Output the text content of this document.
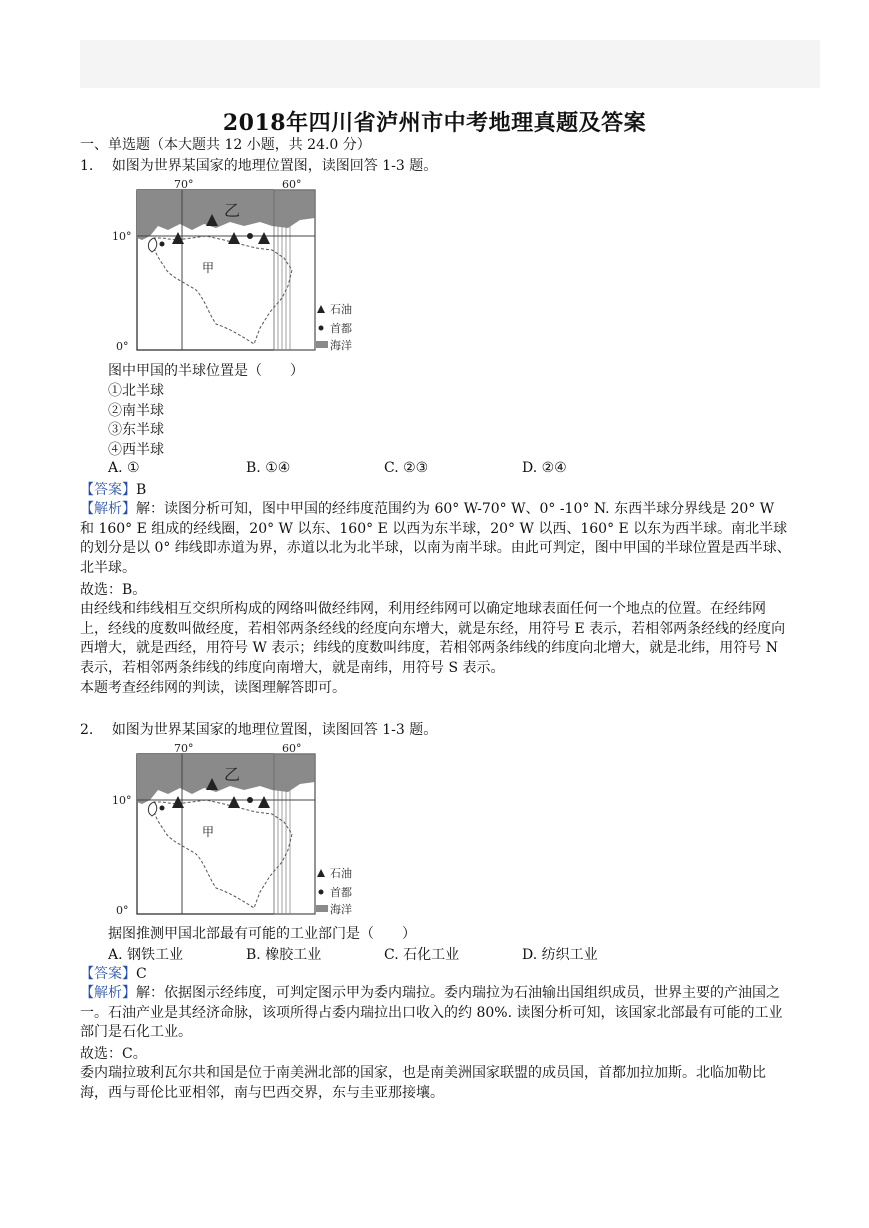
2018年四川省泸州市中考地理真题及答案
一、单选题（本大题共 12 小题，共 24.0 分）
1. 如图为世界某国家的地理位置图，读图回答 1-3 题。
70°	60°
10°
0°
乙
甲
石油
首都
海洋
图中甲国的半球位置是（　　）
①北半球
②南半球
③东半球
④西半球
A. ①	B. ①④	C. ②③	D. ②④
【答案】B
【解析】解：读图分析可知，图中甲国的经纬度范围约为 60° W-70° W、0° -10° N. 东西半球分界线是 20° W 和 160° E 组成的经线圈，20° W 以东、160° E 以西为东半球，20° W 以西、160° E 以东为西半球。南北半球的划分是以 0° 纬线即赤道为界，赤道以北为北半球，以南为南半球。由此可判定，图中甲国的半球位置是西半球、北半球。
故选：B。
由经线和纬线相互交织所构成的网络叫做经纬网，利用经纬网可以确定地球表面任何一个地点的位置。在经纬网上，经线的度数叫做经度，若相邻两条经线的经度向东增大，就是东经，用符号 E 表示，若相邻两条经线的经度向西增大，就是西经，用符号 W 表示；纬线的度数叫纬度，若相邻两条纬线的纬度向北增大，就是北纬，用符号 N 表示，若相邻两条纬线的纬度向南增大，就是南纬，用符号 S 表示。
本题考查经纬网的判读，读图理解答即可。
2. 如图为世界某国家的地理位置图，读图回答 1-3 题。
70°	60°
10°
0°
乙
甲
石油
首都
海洋
据图推测甲国北部最有可能的工业部门是（　　）
A. 钢铁工业	B. 橡胶工业	C. 石化工业	D. 纺织工业
【答案】C
【解析】解：依据图示经纬度，可判定图示甲为委内瑞拉。委内瑞拉为石油输出国组织成员，世界主要的产油国之一。石油产业是其经济命脉，该项所得占委内瑞拉出口收入的约 80%. 读图分析可知，该国家北部最有可能的工业部门是石化工业。
故选：C。
委内瑞拉玻利瓦尔共和国是位于南美洲北部的国家，也是南美洲国家联盟的成员国，首都加拉加斯。北临加勒比海，西与哥伦比亚相邻，南与巴西交界，东与圭亚那接壤。
